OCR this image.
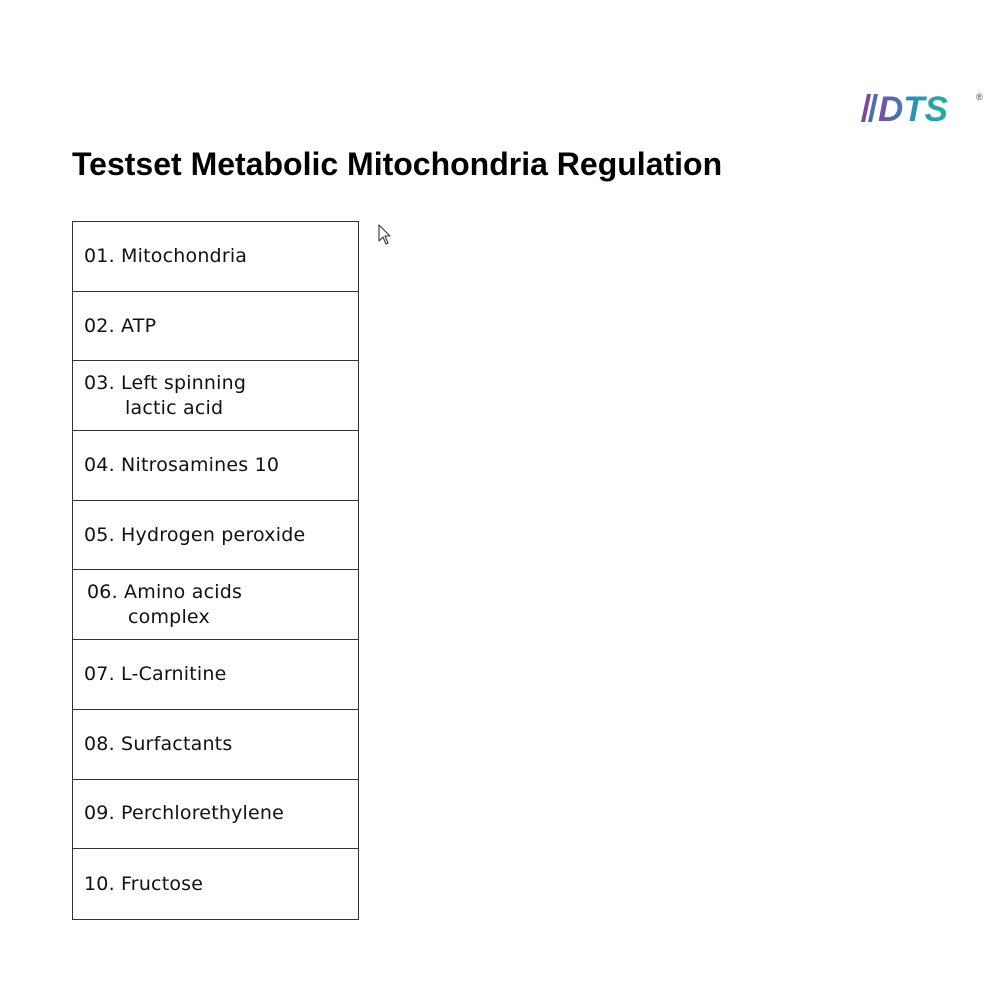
DTS	®
Testset Metabolic Mitochondria Regulation
01. Mitochondria
02. ATP
03. Left spinning
lactic acid
04. Nitrosamines 10
05. Hydrogen peroxide
06. Amino acids
complex
07. L-Carnitine
08. Surfactants
09. Perchlorethylene
10. Fructose
